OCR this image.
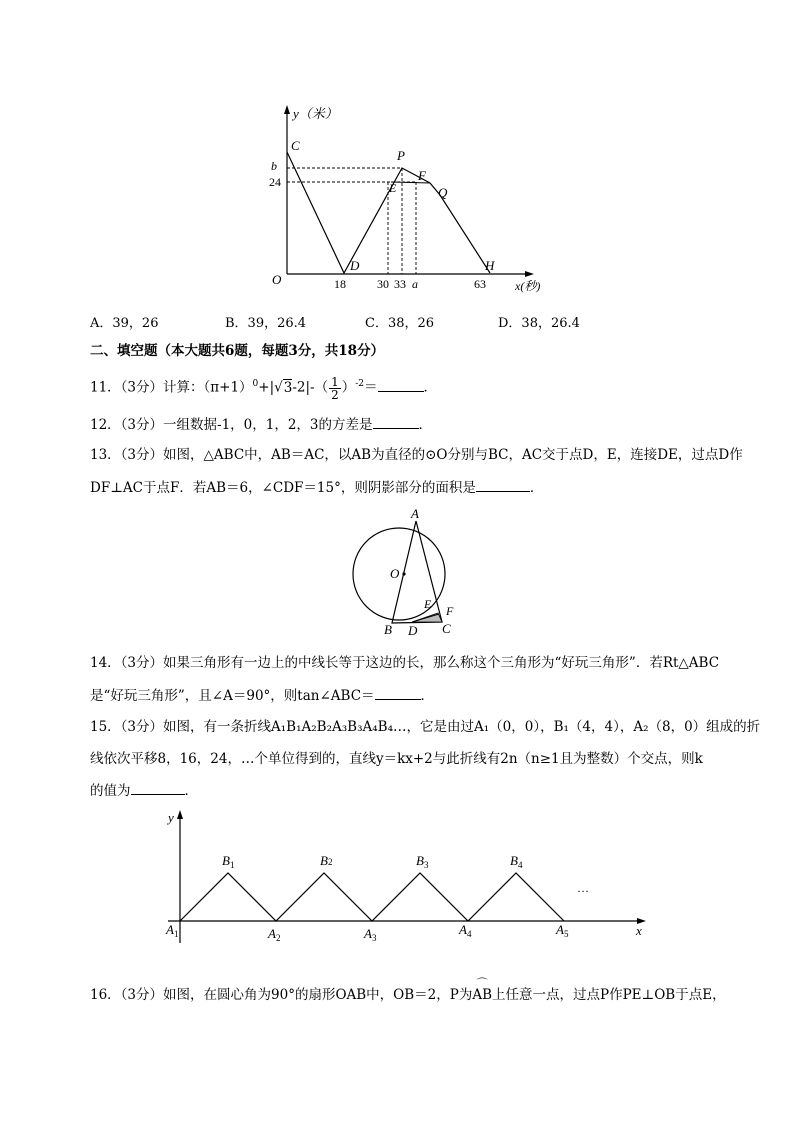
y（米）
x(秒)
O
b
24
18	30 33 a	63
C
P
E
F
Q
D	H
A．39，26	B．39，26.4	C．38，26	D．38，26.4
二、填空题（本大题共6题，每题3分，共18分）
11．（3分）计算：$(\pi+1)^0+|√3-2|-( \frac{1}{2} )^{-2}=$	．
12．（3分）一组数据-1，0，1，2，3的方差是	．
13．（3分）如图，△ABC中，AB＝AC，以AB为直径的⊙O分别与BC，AC交于点D，E，连接DE，过点D作
DF⊥AC于点F．若AB＝6，∠CDF＝15°，则阴影部分的面积是	．
A
O
E F
B D C
14．（3分）如果三角形有一边上的中线长等于这边的长，那么称这个三角形为“好玩三角形”．若Rt△ABC
是“好玩三角形”，且∠A＝90°，则tan∠ABC＝	．
15．（3分）如图，有一条折线A₁B₁A₂B₂A₃B₃A₄B₄…，它是由过A₁（0，0），B₁（4，4），A₂（8，0）组成的折
线依次平移8，16，24，…个单位得到的，直线y＝kx+2与此折线有2n（n≥1且为整数）个交点，则k
的值为	．
y
x
$A_1$	$A_2$	$A_3$
$A_4$	$A_5$
$B_1$	B2	$B_3$	$B_4$
…
16．（3分）如图，在圆心角为90°的扇形OAB中，OB＝2，P为
⌒
AB上任意一点，过点P作PE⊥OB于点E，
